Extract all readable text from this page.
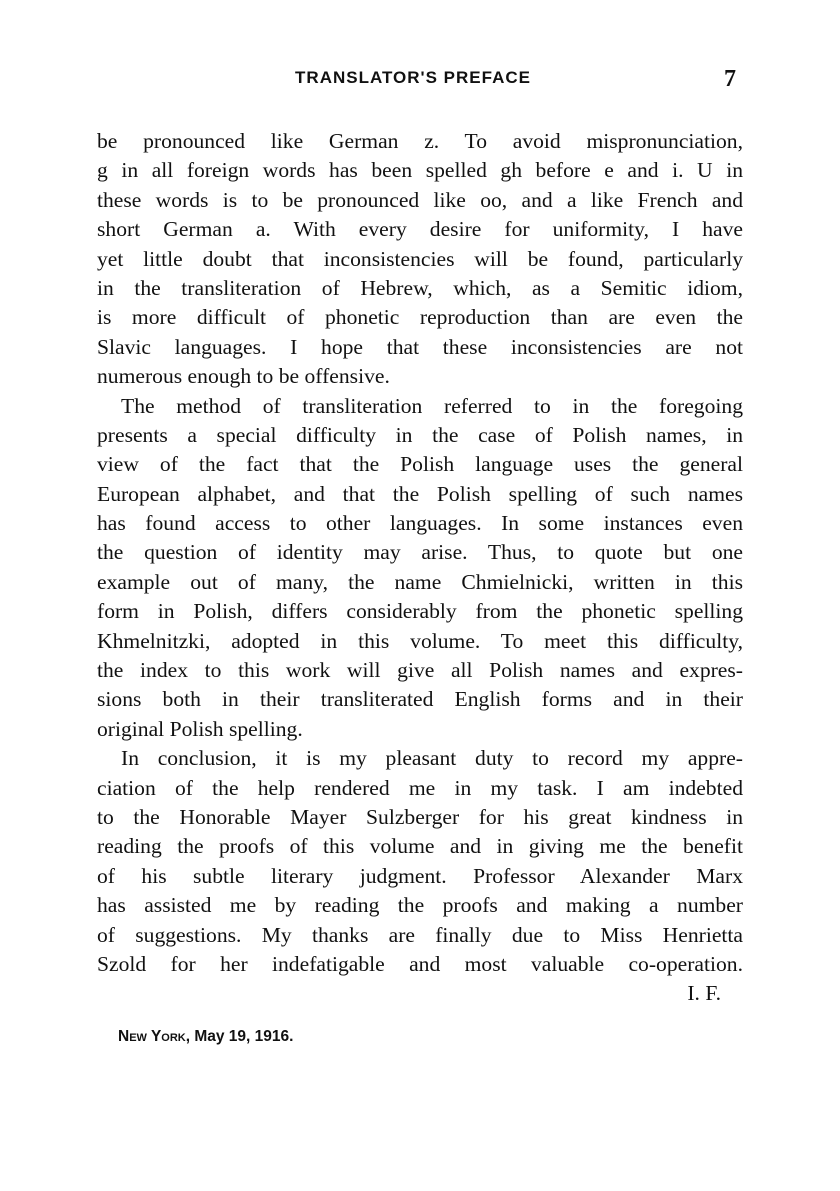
TRANSLATOR'S PREFACE	7
be pronounced like German z. To avoid mispronunciation,
g in all foreign words has been spelled gh before e and i. U in
these words is to be pronounced like oo, and a like French and
short German a. With every desire for uniformity, I have
yet little doubt that inconsistencies will be found, particularly
in the transliteration of Hebrew, which, as a Semitic idiom,
is more difficult of phonetic reproduction than are even the
Slavic languages. I hope that these inconsistencies are not
numerous enough to be offensive.
The method of transliteration referred to in the foregoing
presents a special difficulty in the case of Polish names, in
view of the fact that the Polish language uses the general
European alphabet, and that the Polish spelling of such names
has found access to other languages. In some instances even
the question of identity may arise. Thus, to quote but one
example out of many, the name Chmielnicki, written in this
form in Polish, differs considerably from the phonetic spelling
Khmelnitzki, adopted in this volume. To meet this difficulty,
the index to this work will give all Polish names and expres-
sions both in their transliterated English forms and in their
original Polish spelling.
In conclusion, it is my pleasant duty to record my appre-
ciation of the help rendered me in my task. I am indebted
to the Honorable Mayer Sulzberger for his great kindness in
reading the proofs of this volume and in giving me the benefit
of his subtle literary judgment. Professor Alexander Marx
has assisted me by reading the proofs and making a number
of suggestions. My thanks are finally due to Miss Henrietta
Szold for her indefatigable and most valuable co-operation.
I. F.
New York, May 19, 1916.
